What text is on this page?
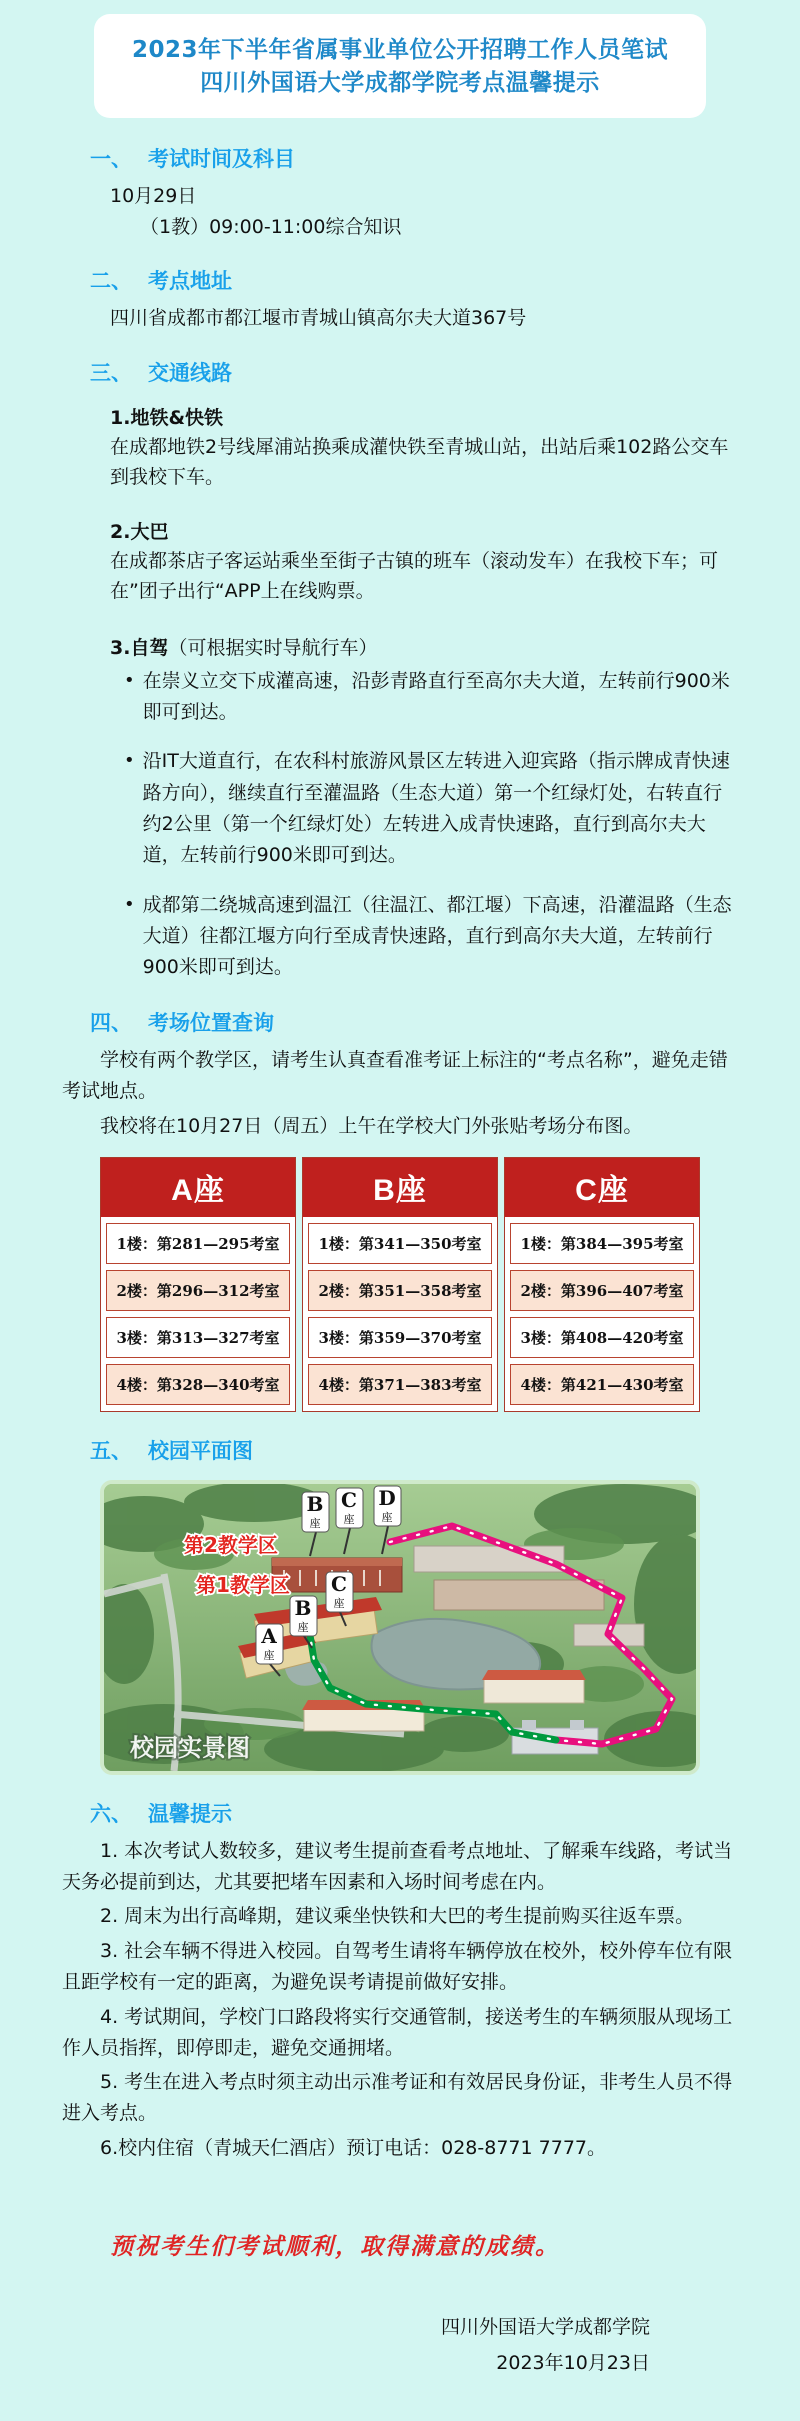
2023年下半年省属事业单位公开招聘工作人员笔试
四川外国语大学成都学院考点温馨提示
一、 考试时间及科目
10月29日
（1教）09:00-11:00综合知识
二、 考点地址
四川省成都市都江堰市青城山镇高尔夫大道367号
三、 交通线路
1.地铁&快铁

在成都地铁2号线犀浦站换乘成灌快铁至青城山站，出站后乘102路公交车到我校下车。

2.大巴

在成都茶店子客运站乘坐至街子古镇的班车（滚动发车）在我校下车；可在”团子出行“APP上在线购票。

3.自驾（可根据实时导航行车）

• 在崇义立交下成灌高速，沿彭青路直行至高尔夫大道，左转前行900米即可到达。

• 沿IT大道直行，在农科村旅游风景区左转进入迎宾路（指示牌成青快速路方向），继续直行至灌温路（生态大道）第一个红绿灯处，右转直行约2公里（第一个红绿灯处）左转进入成青快速路，直行到高尔夫大道，左转前行900米即可到达。

• 成都第二绕城高速到温江（往温江、都江堰）下高速，沿灌温路（生态大道）往都江堰方向行至成青快速路，直行到高尔夫大道，左转前行900米即可到达。

四、 考场位置查询

学校有两个教学区，请考生认真查看准考证上标注的“考点名称”，避免走错考试地点。

我校将在10月27日（周五）上午在学校大门外张贴考场分布图。

A座
1楼：第281—295考室
2楼：第296—312考室
3楼：第313—327考室
4楼：第328—340考室
B座
1楼：第341—350考室
2楼：第351—358考室
3楼：第359—370考室
4楼：第371—383考室
C座
1楼：第384—395考室
2楼：第396—407考室
3楼：第408—420考室
4楼：第421—430考室
五、 校园平面图
B
座
C
座
D
座
C
座
B
座
A
座
第2教学区
第1教学区
校园实景图
六、 温馨提示

1. 本次考试人数较多，建议考生提前查看考点地址、了解乘车线路，考试当天务必提前到达，尤其要把堵车因素和入场时间考虑在内。

2. 周末为出行高峰期，建议乘坐快铁和大巴的考生提前购买往返车票。

3. 社会车辆不得进入校园。自驾考生请将车辆停放在校外，校外停车位有限且距学校有一定的距离，为避免误考请提前做好安排。

4. 考试期间，学校门口路段将实行交通管制，接送考生的车辆须服从现场工作人员指挥，即停即走，避免交通拥堵。

5. 考生在进入考点时须主动出示准考证和有效居民身份证，非考生人员不得进入考点。

6.校内住宿（青城天仁酒店）预订电话：028-8771 7777。

预祝考生们考试顺利，取得满意的成绩。
四川外国语大学成都学院
2023年10月23日
